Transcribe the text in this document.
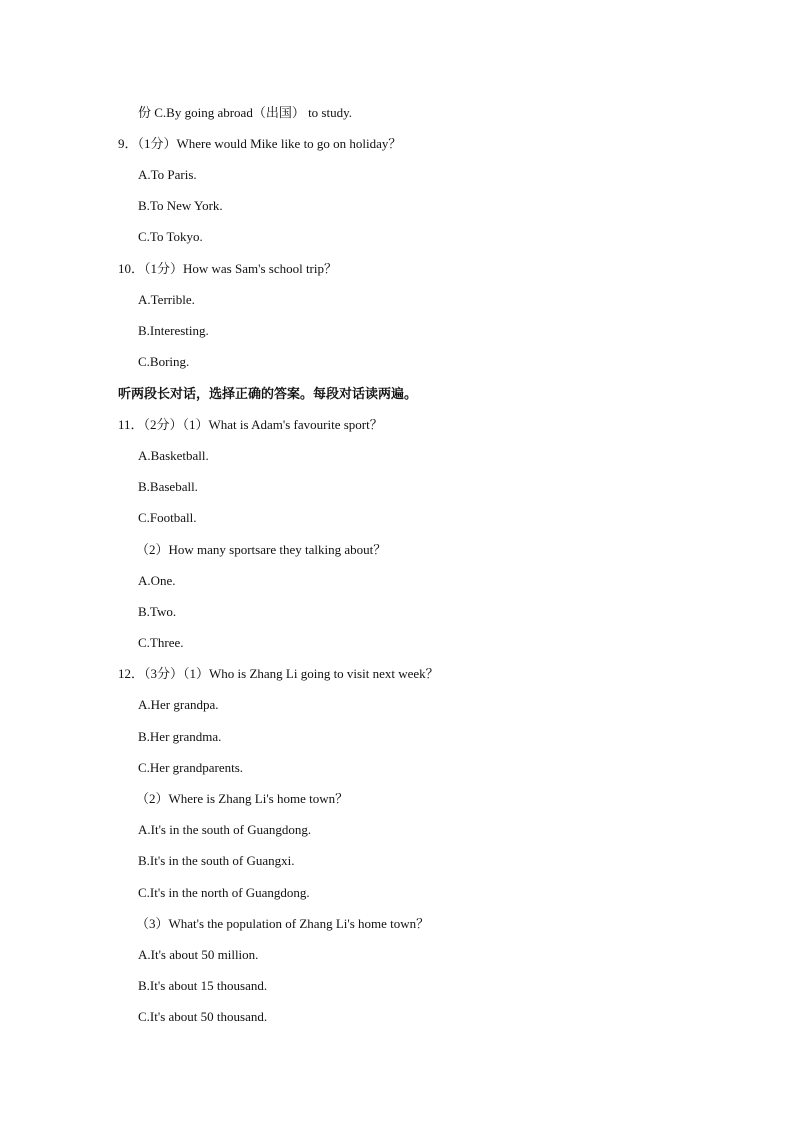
份 C.By going abroad（出国） to study.
9．（1分）Where would Mike like to go on holiday？
A.To Paris.
B.To New York.
C.To Tokyo.
10．（1分）How was Sam's school trip？
A.Terrible.
B.Interesting.
C.Boring.
听两段长对话，选择正确的答案。每段对话读两遍。
11．（2分）（1）What is Adam's favourite sport？
A.Basketball.
B.Baseball.
C.Football.
（2）How many sportsare they talking about？
A.One.
B.Two.
C.Three.
12．（3分）（1）Who is Zhang Li going to visit next week？
A.Her grandpa.
B.Her grandma.
C.Her grandparents.
（2）Where is Zhang Li's home town？
A.It's in the south of Guangdong.
B.It's in the south of Guangxi.
C.It's in the north of Guangdong.
（3）What's the population of Zhang Li's home town？
A.It's about 50 million.
B.It's about 15 thousand.
C.It's about 50 thousand.
